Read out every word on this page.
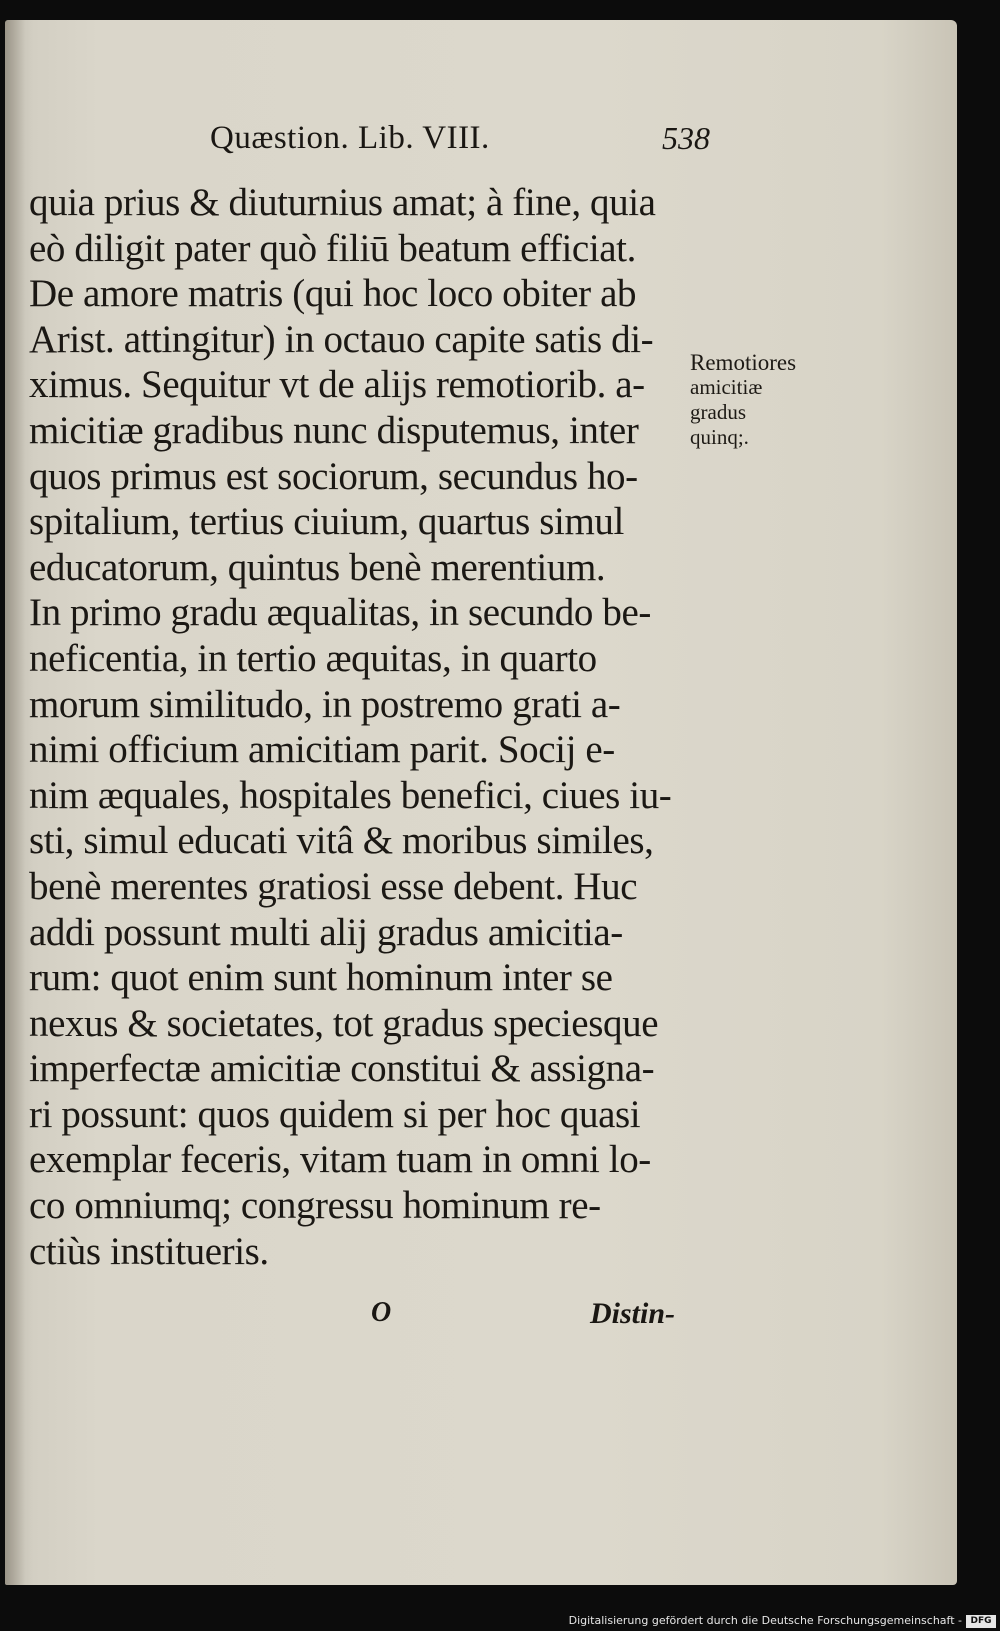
Quæstion. Lib. VIII.	538
quia prius & diuturnius amat; à fine, quia
eò diligit pater quò filiū beatum efficiat.
De amore matris (qui hoc loco obiter ab
Arist. attingitur) in octauo capite satis di-
ximus. Sequitur vt de alijs remotiorib. a-
micitiæ gradibus nunc disputemus, inter
quos primus est sociorum, secundus ho-
spitalium, tertius ciuium, quartus simul
educatorum, quintus benè merentium.
In primo gradu æqualitas, in secundo be-
neficentia, in tertio æquitas, in quarto
morum similitudo, in postremo grati a-
nimi officium amicitiam parit. Socij e-
nim æquales, hospitales benefici, ciues iu-
sti, simul educati vitâ & moribus similes,
benè merentes gratiosi esse debent. Huc
addi possunt multi alij gradus amicitia-
rum: quot enim sunt hominum inter se
nexus & societates, tot gradus speciesque
imperfectæ amicitiæ constitui & assigna-
ri possunt: quos quidem si per hoc quasi
exemplar feceris, vitam tuam in omni lo-
co omniumq; congressu hominum re-
ctiùs institueris.
Remotiores
amicitiæ
gradus
quinq;.
O	Distin-
Digitalisierung gefördert durch die Deutsche Forschungsgemeinschaft - DFG
